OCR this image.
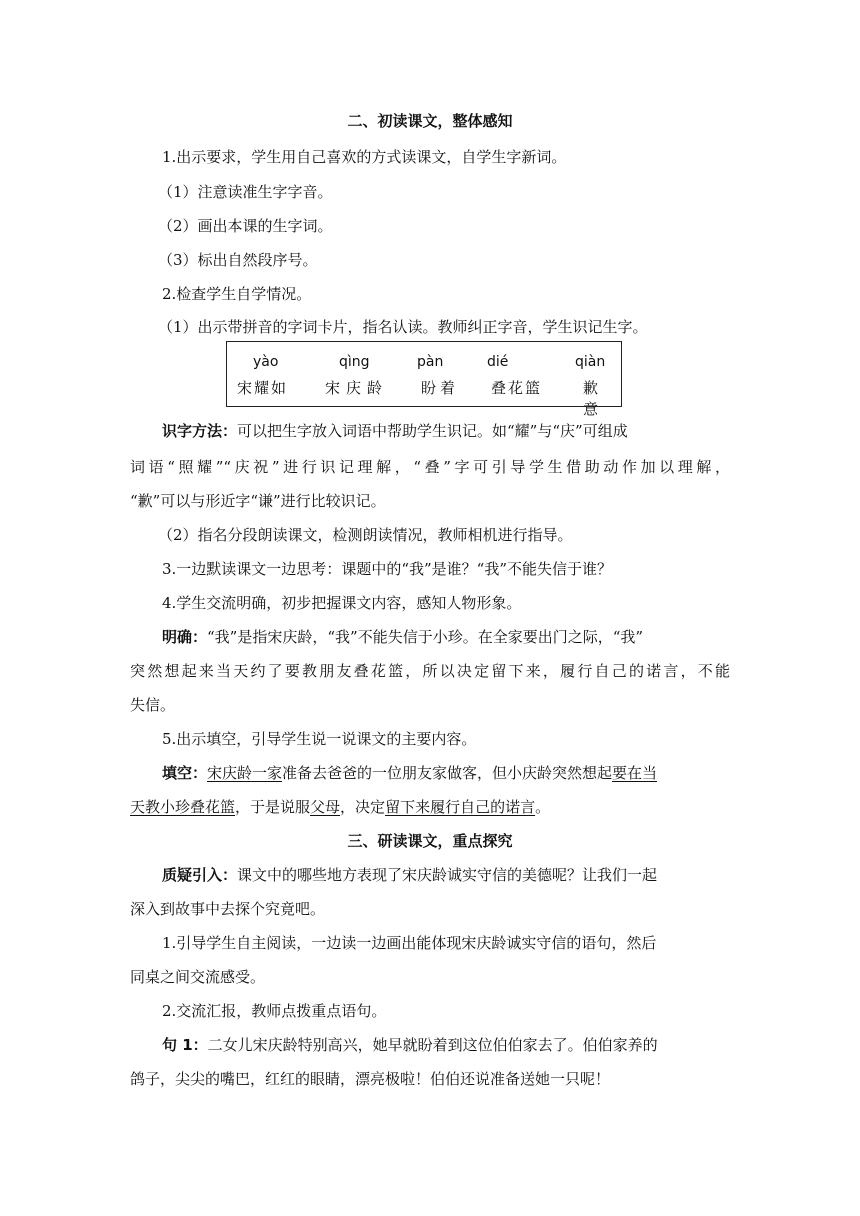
二、初读课文，整体感知
1.出示要求，学生用自己喜欢的方式读课文，自学生字新词。
（1）注意读准生字字音。
（2）画出本课的生字词。
（3）标出自然段序号。
2.检查学生自学情况。
（1）出示带拼音的字词卡片，指名认读。教师纠正字音，学生识记生字。
yào
宋耀如
qìng
宋庆龄
pàn
盼着
dié
叠花篮
qiàn
歉意
识字方法：可以把生字放入词语中帮助学生识记。如“耀”与“庆”可组成
词语“照耀”“庆祝”进行识记理解，“叠”字可引导学生借助动作加以理解，
“歉”可以与形近字“谦”进行比较识记。
（2）指名分段朗读课文，检测朗读情况，教师相机进行指导。
3.一边默读课文一边思考：课题中的“我”是谁？“我”不能失信于谁？
4.学生交流明确，初步把握课文内容，感知人物形象。
明确：“我”是指宋庆龄，“我”不能失信于小珍。在全家要出门之际，“我”
突然想起来当天约了要教朋友叠花篮，所以决定留下来，履行自己的诺言，不能
失信。
5.出示填空，引导学生说一说课文的主要内容。
填空：宋庆龄一家准备去爸爸的一位朋友家做客，但小庆龄突然想起要在当
天教小珍叠花篮，于是说服父母，决定留下来履行自己的诺言。
三、研读课文，重点探究
质疑引入：课文中的哪些地方表现了宋庆龄诚实守信的美德呢？让我们一起
深入到故事中去探个究竟吧。
1.引导学生自主阅读，一边读一边画出能体现宋庆龄诚实守信的语句，然后
同桌之间交流感受。
2.交流汇报，教师点拨重点语句。
句 1：二女儿宋庆龄特别高兴，她早就盼着到这位伯伯家去了。伯伯家养的
鸽子，尖尖的嘴巴，红红的眼睛，漂亮极啦！伯伯还说准备送她一只呢！
